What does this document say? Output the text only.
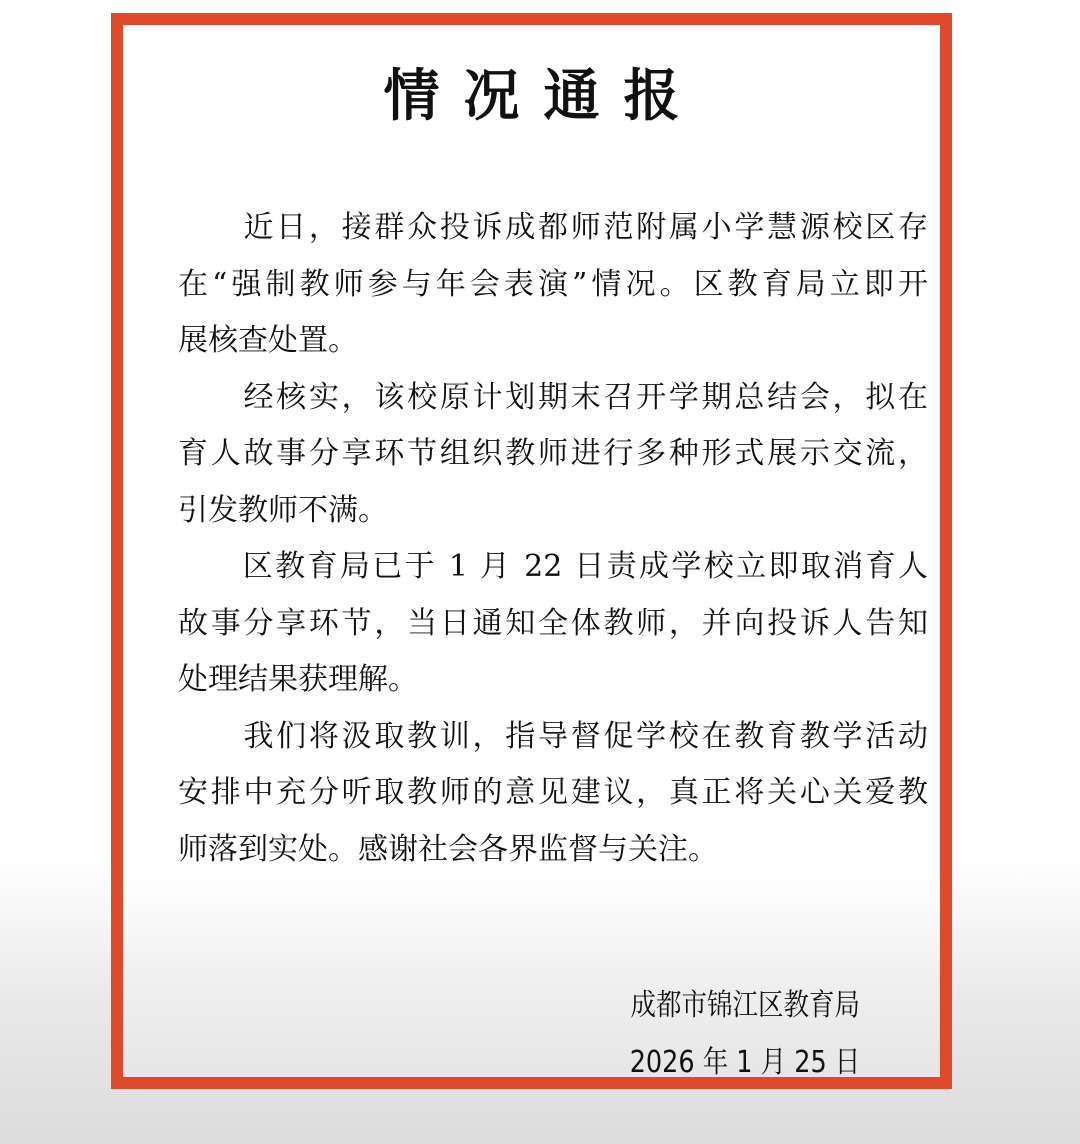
情况通报
　　近日，接群众投诉成都师范附属小学慧源校区存
在“强制教师参与年会表演”情况。区教育局立即开
展核查处置。
　　经核实，该校原计划期末召开学期总结会，拟在
育人故事分享环节组织教师进行多种形式展示交流，
引发教师不满。
　　区教育局已于 1 月 22 日责成学校立即取消育人
故事分享环节，当日通知全体教师，并向投诉人告知
处理结果获理解。
　　我们将汲取教训，指导督促学校在教育教学活动
安排中充分听取教师的意见建议，真正将关心关爱教
师落到实处。感谢社会各界监督与关注。
成都市锦江区教育局
2026 年 1 月 25 日
